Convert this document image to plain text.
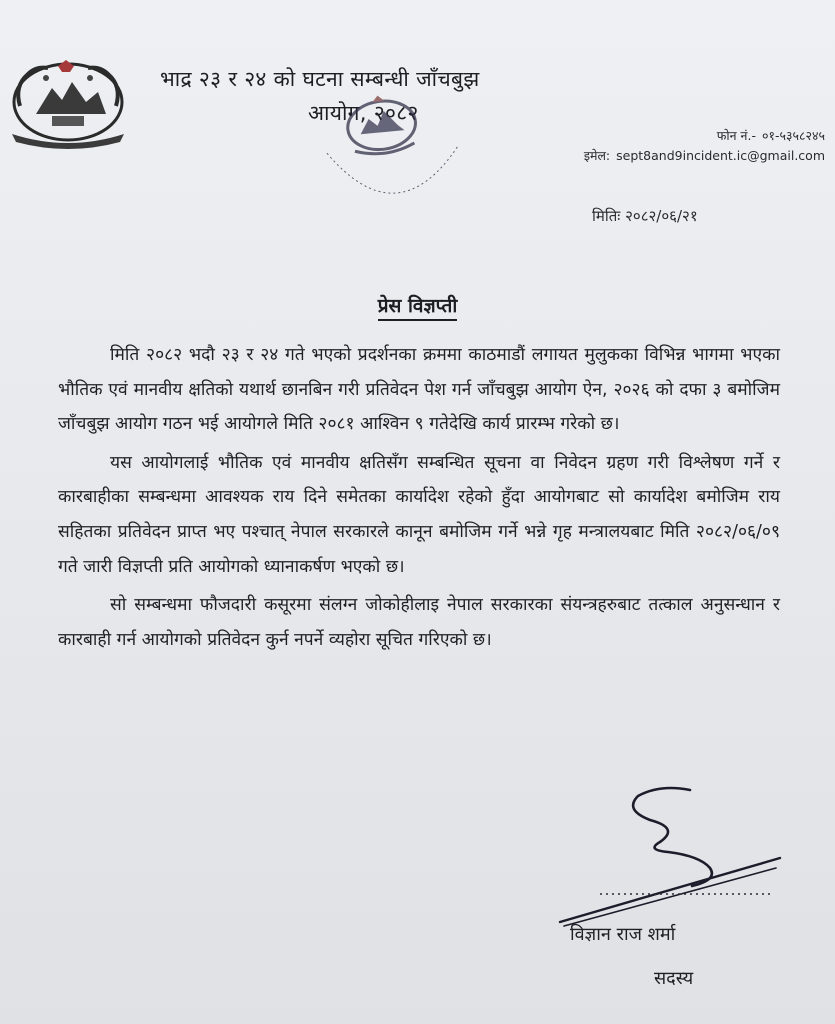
भाद्र २३ र २४ को घटना सम्बन्धी जाँचबुझ
आयोग, २०८२
फोन नं.- ०१-५३५८२४५
इमेल: sept8and9incident.ic@gmail.com
मितिः २०८२/०६/२१
प्रेस विज्ञप्ती

मिति २०८२ भदौ २३ र २४ गते भएको प्रदर्शनका क्रममा काठमाडौं लगायत मुलुकका विभिन्न भागमा भएका भौतिक एवं मानवीय क्षतिको यथार्थ छानबिन गरी प्रतिवेदन पेश गर्न जाँचबुझ आयोग ऐन, २०२६ को दफा ३ बमोजिम जाँचबुझ आयोग गठन भई आयोगले मिति २०८१ आश्विन ९ गतेदेखि कार्य प्रारम्भ गरेको छ।

यस आयोगलाई भौतिक एवं मानवीय क्षतिसँग सम्बन्धित सूचना वा निवेदन ग्रहण गरी विश्लेषण गर्ने र कारबाहीका सम्बन्धमा आवश्यक राय दिने समेतका कार्यादेश रहेको हुँदा आयोगबाट सो कार्यादेश बमोजिम राय सहितका प्रतिवेदन प्राप्त भए पश्चात् नेपाल सरकारले कानून बमोजिम गर्ने भन्ने गृह मन्त्रालयबाट मिति २०८२/०६/०९ गते जारी विज्ञप्ती प्रति आयोगको ध्यानाकर्षण भएको छ।

सो सम्बन्धमा फौजदारी कसूरमा संलग्न जोकोहीलाइ नेपाल सरकारका संयन्त्रहरुबाट तत्काल अनुसन्धान र कारबाही गर्न आयोगको प्रतिवेदन कुर्न नपर्ने व्यहोरा सूचित गरिएको छ।

विज्ञान राज शर्मा
सदस्य
